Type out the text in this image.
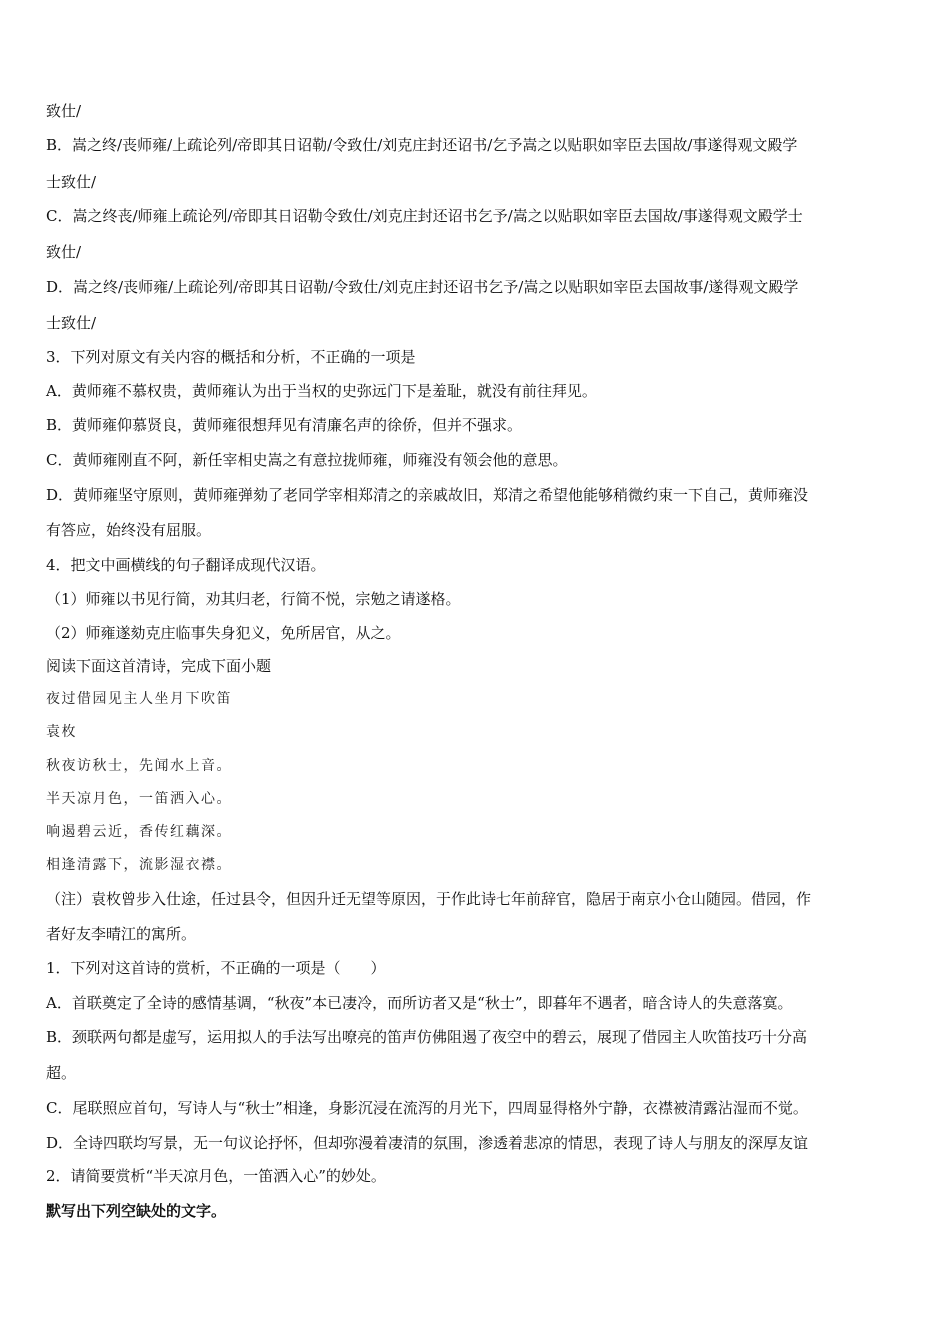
致仕/
B．嵩之终/丧师雍/上疏论列/帝即其日诏勒/令致仕/刘克庄封还诏书/乞予嵩之以贴职如宰臣去国故/事遂得观文殿学
士致仕/
C．嵩之终丧/师雍上疏论列/帝即其日诏勒令致仕/刘克庄封还诏书乞予/嵩之以贴职如宰臣去国故/事遂得观文殿学士
致仕/
D．嵩之终/丧师雍/上疏论列/帝即其日诏勒/令致仕/刘克庄封还诏书乞予/嵩之以贴职如宰臣去国故事/遂得观文殿学
士致仕/
3．下列对原文有关内容的概括和分析，不正确的一项是
A．黄师雍不慕权贵，黄师雍认为出于当权的史弥远门下是羞耻，就没有前往拜见。
B．黄师雍仰慕贤良，黄师雍很想拜见有清廉名声的徐侨，但并不强求。
C．黄师雍刚直不阿，新任宰相史嵩之有意拉拢师雍，师雍没有领会他的意思。
D．黄师雍坚守原则，黄师雍弹劾了老同学宰相郑清之的亲戚故旧，郑清之希望他能够稍微约束一下自己，黄师雍没
有答应，始终没有屈服。
4．把文中画横线的句子翻译成现代汉语。
（1）师雍以书见行简，劝其归老，行简不悦，宗勉之请遂格。
（2）师雍遂劾克庄临事失身犯义，免所居官，从之。
阅读下面这首清诗，完成下面小题
夜过借园见主人坐月下吹笛
袁枚
秋夜访秋士，先闻水上音。
半天凉月色，一笛洒入心。
响遏碧云近，香传红藕深。
相逢清露下，流影湿衣襟。
（注）袁枚曾步入仕途，任过县令，但因升迁无望等原因，于作此诗七年前辞官，隐居于南京小仓山随园。借园，作
者好友李晴江的寓所。
1．下列对这首诗的赏析，不正确的一项是（　　）
A．首联奠定了全诗的感情基调，“秋夜”本已凄冷，而所访者又是“秋士”，即暮年不遇者，暗含诗人的失意落寞。
B．颈联两句都是虚写，运用拟人的手法写出嘹亮的笛声仿佛阻遏了夜空中的碧云，展现了借园主人吹笛技巧十分高
超。
C．尾联照应首句，写诗人与“秋士”相逢，身影沉浸在流泻的月光下，四周显得格外宁静，衣襟被清露沾湿而不觉。
D．全诗四联均写景，无一句议论抒怀，但却弥漫着凄清的氛围，渗透着悲凉的情思，表现了诗人与朋友的深厚友谊
2．请简要赏析“半天凉月色，一笛洒入心”的妙处。
默写出下列空缺处的文字。
